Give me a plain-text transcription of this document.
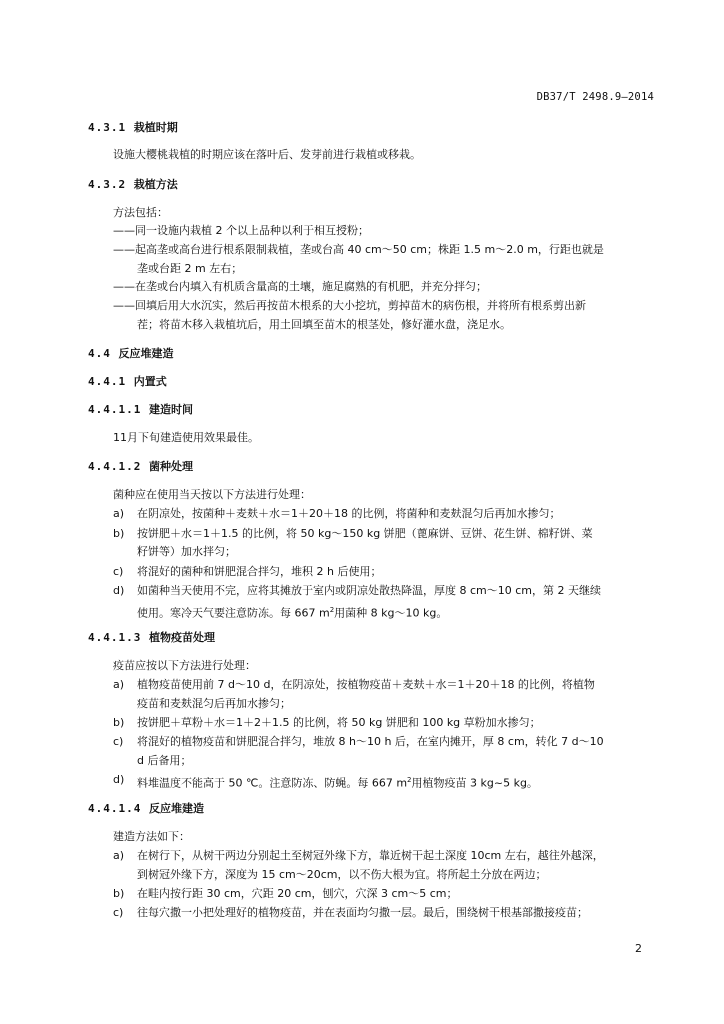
DB37/T 2498.9—2014
4.3.1 栽植时期
设施大樱桃栽植的时期应该在落叶后、发芽前进行栽植或移栽。
4.3.2 栽植方法
方法包括：
——同一设施内栽植 2 个以上品种以利于相互授粉；
——起高垄或高台进行根系限制栽植，垄或台高 40 cm～50 cm；株距 1.5 m～2.0 m，行距也就是
垄或台距 2 m 左右；
——在垄或台内填入有机质含量高的土壤，施足腐熟的有机肥，并充分拌匀；
——回填后用大水沉实，然后再按苗木根系的大小挖坑，剪掉苗木的病伤根，并将所有根系剪出新
茬；将苗木移入栽植坑后，用土回填至苗木的根茎处，修好灌水盘，浇足水。
4.4 反应堆建造
4.4.1 内置式
4.4.1.1 建造时间
11月下旬建造使用效果最佳。
4.4.1.2 菌种处理
菌种应在使用当天按以下方法进行处理：
a) 在阴凉处，按菌种＋麦麸＋水＝1＋20＋18 的比例，将菌种和麦麸混匀后再加水掺匀；
b) 按饼肥＋水＝1＋1.5 的比例，将 50 kg～150 kg 饼肥（蓖麻饼、豆饼、花生饼、棉籽饼、菜
籽饼等）加水拌匀；
c) 将混好的菌种和饼肥混合拌匀，堆积 2 h 后使用；
d) 如菌种当天使用不完，应将其摊放于室内或阴凉处散热降温，厚度 8 cm～10 cm，第 2 天继续
使用。寒冷天气要注意防冻。每 667 $m^2$用菌种 8 kg～10 kg。
4.4.1.3 植物疫苗处理
疫苗应按以下方法进行处理：
a) 植物疫苗使用前 7 d～10 d，在阴凉处，按植物疫苗＋麦麸＋水＝1＋20＋18 的比例，将植物
疫苗和麦麸混匀后再加水掺匀；
b) 按饼肥＋草粉＋水＝1＋2＋1.5 的比例，将 50 kg 饼肥和 100 kg 草粉加水掺匀；
c) 将混好的植物疫苗和饼肥混合拌匀，堆放 8 h～10 h 后，在室内摊开，厚 8 cm，转化 7 d～10
d 后备用；
d) 料堆温度不能高于 50 ℃。注意防冻、防蝇。每 667 $m^2$用植物疫苗 3 kg~5 kg。
4.4.1.4 反应堆建造
建造方法如下：
a) 在树行下，从树干两边分别起土至树冠外缘下方，靠近树干起土深度 10cm 左右，越往外越深，
到树冠外缘下方，深度为 15 cm～20cm，以不伤大根为宜。将所起土分放在两边；
b) 在畦内按行距 30 cm，穴距 20 cm，刨穴，穴深 3 cm～5 cm；
c) 往每穴撒一小把处理好的植物疫苗，并在表面均匀撒一层。最后，围绕树干根基部撒接疫苗；
2
